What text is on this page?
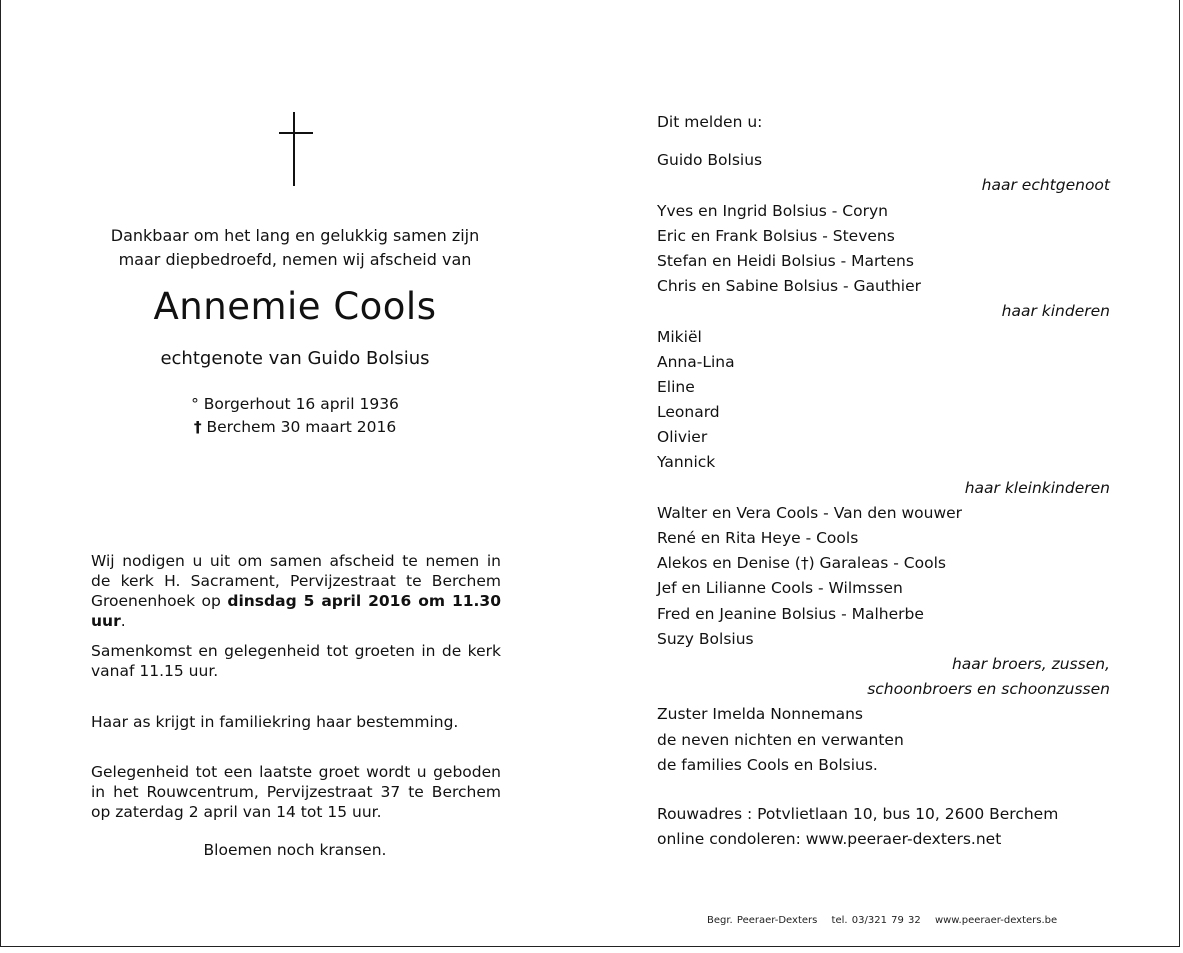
Dankbaar om het lang en gelukkig samen zijn
maar diepbedroefd, nemen wij afscheid van
Annemie Cools
echtgenote van Guido Bolsius
° Borgerhout 16 april 1936
† Berchem 30 maart 2016
Wij nodigen u uit om samen afscheid te nemen in de kerk H. Sacrament, Pervijzestraat te Berchem Groenenhoek op dinsdag 5 april 2016 om 11.30 uur.
Samenkomst en gelegenheid tot groeten in de kerk vanaf 11.15 uur.
Haar as krijgt in familiekring haar bestemming.
Gelegenheid tot een laatste groet wordt u geboden in het Rouwcentrum, Pervijzestraat 37 te Berchem op zaterdag 2 april van 14 tot 15 uur.
Bloemen noch kransen.
Dit melden u:
Guido Bolsius
haar echtgenoot
Yves en Ingrid Bolsius - Coryn
Eric en Frank Bolsius - Stevens
Stefan en Heidi Bolsius - Martens
Chris en Sabine Bolsius - Gauthier
haar kinderen
Mikiël
Anna-Lina
Eline
Leonard
Olivier
Yannick
haar kleinkinderen
Walter en Vera Cools - Van den wouwer
René en Rita Heye - Cools
Alekos en Denise (†) Garaleas - Cools
Jef en Lilianne Cools - Wilmssen
Fred en Jeanine Bolsius - Malherbe
Suzy Bolsius
haar broers, zussen,
schoonbroers en schoonzussen
Zuster Imelda Nonnemans
de neven nichten en verwanten
de families Cools en Bolsius.
Rouwadres : Potvlietlaan 10, bus 10, 2600 Berchem
online condoleren: www.peeraer-dexters.net
Begr. Peeraer-Dexters tel. 03/321 79 32 www.peeraer-dexters.be
